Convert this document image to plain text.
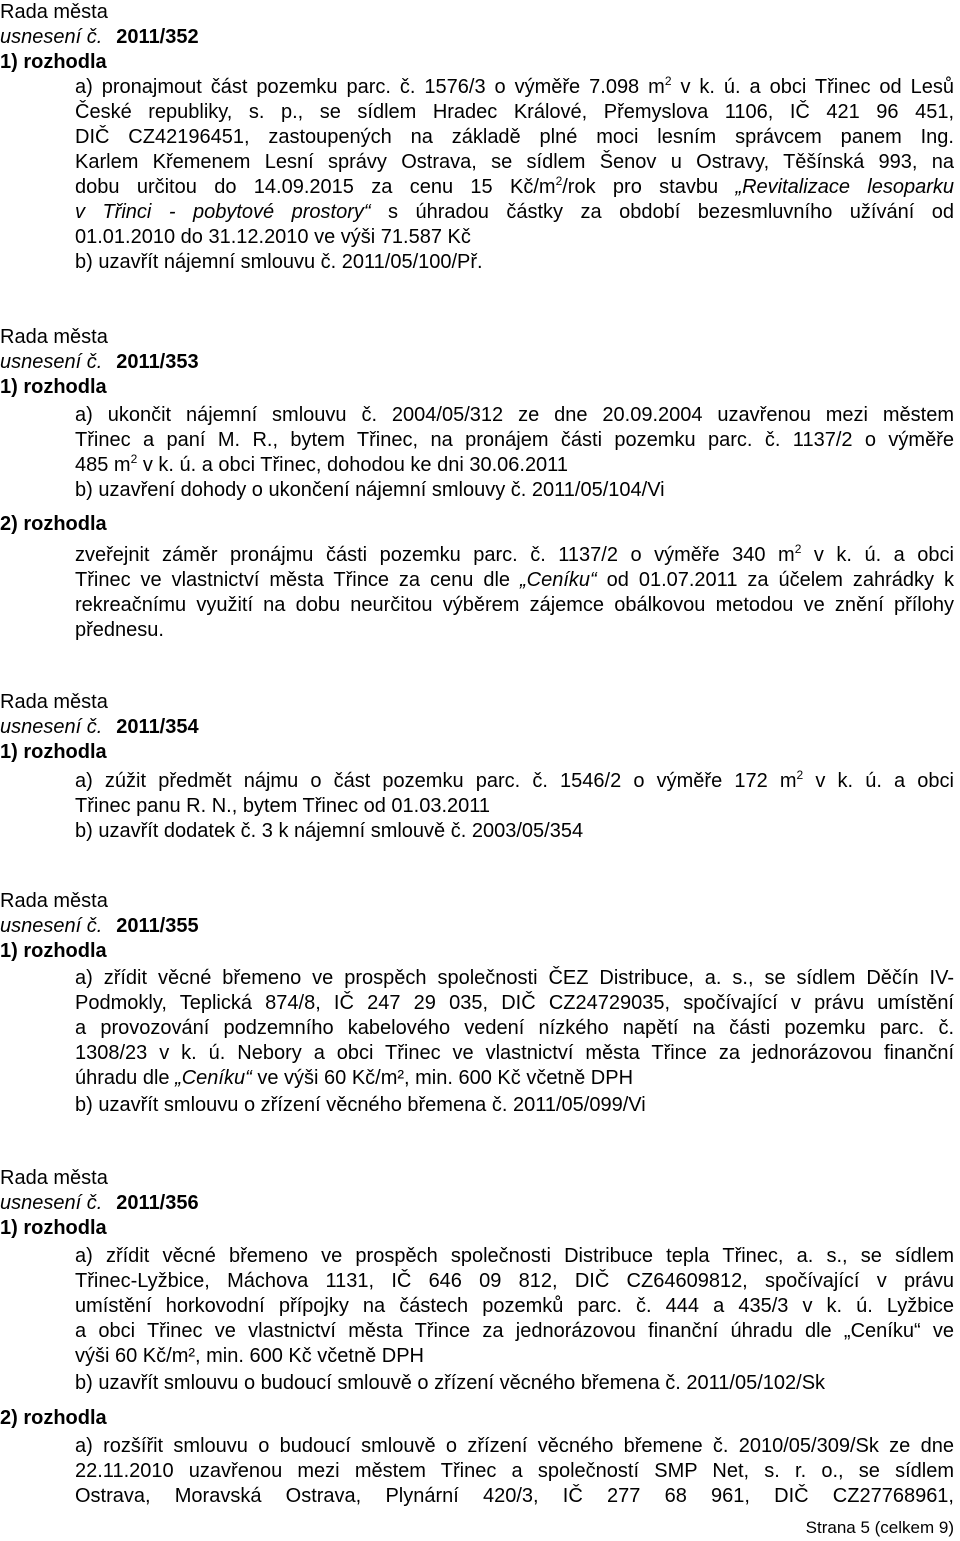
Rada města
usnesení č. 2011/352
1) rozhodla
a) pronajmout část pozemku parc. č. 1576/3 o výměře 7.098 $m^2$ v k. ú. a obci Třinec od Lesů
České republiky, s. p., se sídlem Hradec Králové, Přemyslova 1106, IČ 421 96 451,
DIČ CZ42196451, zastoupených na základě plné moci lesním správcem panem Ing.
Karlem Křemenem Lesní správy Ostrava, se sídlem Šenov u Ostravy, Těšínská 993, na
dobu určitou do 14.09.2015 za cenu 15 $Kč/m^2$/rok pro stavbu „Revitalizace lesoparku
v Třinci - pobytové prostory“ s úhradou částky za období bezesmluvního užívání od
01.01.2010 do 31.12.2010 ve výši 71.587 Kč
b) uzavřít nájemní smlouvu č. 2011/05/100/Př.
Rada města
usnesení č. 2011/353
1) rozhodla
a) ukončit nájemní smlouvu č. 2004/05/312 ze dne 20.09.2004 uzavřenou mezi městem
Třinec a paní M. R., bytem Třinec, na pronájem části pozemku parc. č. 1137/2 o výměře
485 $m^2$ v k. ú. a obci Třinec, dohodou ke dni 30.06.2011
b) uzavření dohody o ukončení nájemní smlouvy č. 2011/05/104/Vi
2) rozhodla
zveřejnit záměr pronájmu části pozemku parc. č. 1137/2 o výměře 340 $m^2$ v k. ú. a obci
Třinec ve vlastnictví města Třince za cenu dle „Ceníku“ od 01.07.2011 za účelem zahrádky k
rekreačnímu využití na dobu neurčitou výběrem zájemce obálkovou metodou ve znění přílohy
přednesu.
Rada města
usnesení č. 2011/354
1) rozhodla
a) zúžit předmět nájmu o část pozemku parc. č. 1546/2 o výměře 172 $m^2$ v k. ú. a obci
Třinec panu R. N., bytem Třinec od 01.03.2011
b) uzavřít dodatek č. 3 k nájemní smlouvě č. 2003/05/354
Rada města
usnesení č. 2011/355
1) rozhodla
a) zřídit věcné břemeno ve prospěch společnosti ČEZ Distribuce, a. s., se sídlem Děčín IV-
Podmokly, Teplická 874/8, IČ 247 29 035, DIČ CZ24729035, spočívající v právu umístění
a provozování podzemního kabelového vedení nízkého napětí na části pozemku parc. č.
1308/23 v k. ú. Nebory a obci Třinec ve vlastnictví města Třince za jednorázovou finanční
úhradu dle „Ceníku“ ve výši 60 Kč/m², min. 600 Kč včetně DPH
b) uzavřít smlouvu o zřízení věcného břemena č. 2011/05/099/Vi
Rada města
usnesení č. 2011/356
1) rozhodla
a) zřídit věcné břemeno ve prospěch společnosti Distribuce tepla Třinec, a. s., se sídlem
Třinec-Lyžbice, Máchova 1131, IČ 646 09 812, DIČ CZ64609812, spočívající v právu
umístění horkovodní přípojky na částech pozemků parc. č. 444 a 435/3 v k. ú. Lyžbice
a obci Třinec ve vlastnictví města Třince za jednorázovou finanční úhradu dle „Ceníku“ ve
výši 60 Kč/m², min. 600 Kč včetně DPH
b) uzavřít smlouvu o budoucí smlouvě o zřízení věcného břemena č. 2011/05/102/Sk
2) rozhodla
a) rozšířit smlouvu o budoucí smlouvě o zřízení věcného břemene č. 2010/05/309/Sk ze dne
22.11.2010 uzavřenou mezi městem Třinec a společností SMP Net, s. r. o., se sídlem
Ostrava, Moravská Ostrava, Plynární 420/3, IČ 277 68 961, DIČ CZ27768961,
Strana 5 (celkem 9)
